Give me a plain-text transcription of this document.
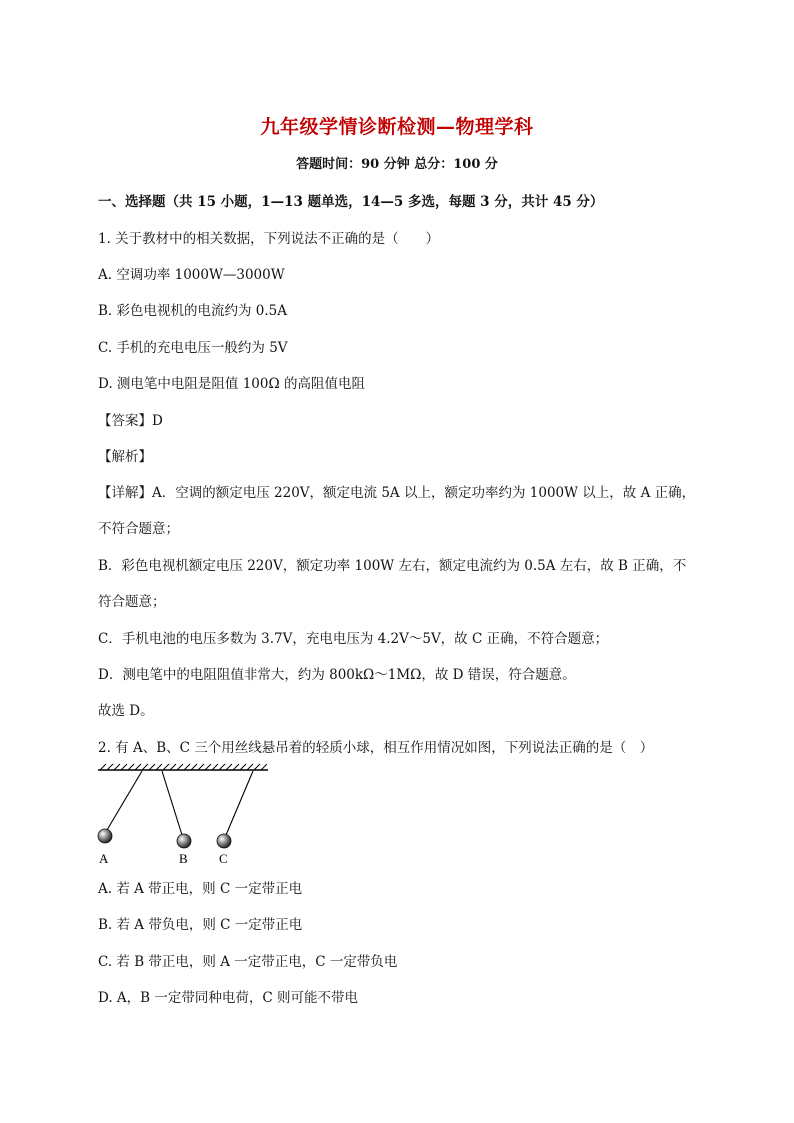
九年级学情诊断检测—物理学科
答题时间：90 分钟 总分：100 分
一、选择题（共 15 小题，1—13 题单选，14—5 多选，每题 3 分，共计 45 分）
1. 关于教材中的相关数据，下列说法不正确的是（　　）
A. 空调功率 1000W—3000W
B. 彩色电视机的电流约为 0.5A
C. 手机的充电电压一般约为 5V
D. 测电笔中电阻是阻值 100Ω 的高阻值电阻
【答案】D
【解析】
【详解】A．空调的额定电压 220V，额定电流 5A 以上，额定功率约为 1000W 以上，故 A 正确，
不符合题意；
B．彩色电视机额定电压 220V，额定功率 100W 左右，额定电流约为 0.5A 左右，故 B 正确，不
符合题意；
C．手机电池的电压多数为 3.7V，充电电压为 4.2V～5V，故 C 正确，不符合题意；
D．测电笔中的电阻阻值非常大，约为 800kΩ～1MΩ，故 D 错误，符合题意。
故选 D。
2. 有 A、B、C 三个用丝线悬吊着的轻质小球，相互作用情况如图，下列说法正确的是（　）
A	B C
A. 若 A 带正电，则 C 一定带正电
B. 若 A 带负电，则 C 一定带正电
C. 若 B 带正电，则 A 一定带正电，C 一定带负电
D. A，B 一定带同种电荷，C 则可能不带电
